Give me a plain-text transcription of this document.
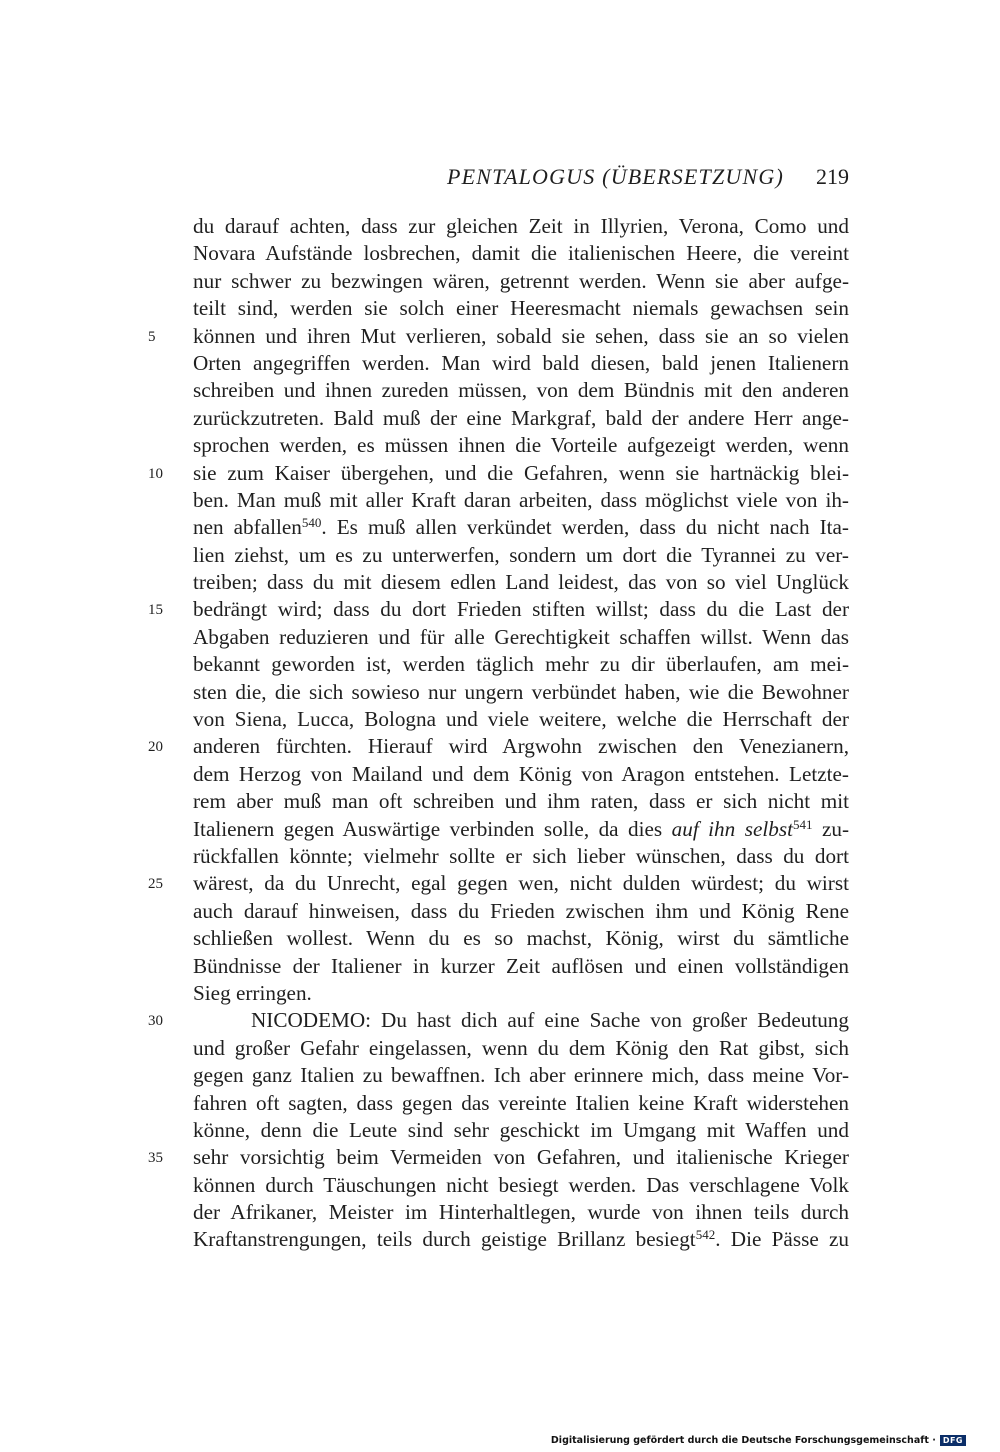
PENTALOGUS (ÜBERSETZUNG) 219
du darauf achten, dass zur gleichen Zeit in Illyrien, Verona, Como und
Novara Aufstände losbrechen, damit die italienischen Heere, die vereint
nur schwer zu bezwingen wären, getrennt werden. Wenn sie aber aufge-
teilt sind, werden sie solch einer Heeresmacht niemals gewachsen sein
5	können und ihren Mut verlieren, sobald sie sehen, dass sie an so vielen
Orten angegriffen werden. Man wird bald diesen, bald jenen Italienern
schreiben und ihnen zureden müssen, von dem Bündnis mit den anderen
zurückzutreten. Bald muß der eine Markgraf, bald der andere Herr ange-
sprochen werden, es müssen ihnen die Vorteile aufgezeigt werden, wenn
10	sie zum Kaiser übergehen, und die Gefahren, wenn sie hartnäckig blei-
ben. Man muß mit aller Kraft daran arbeiten, dass möglichst viele von ih-
nen abfallen$^{540}$. Es muß allen verkündet werden, dass du nicht nach Ita-
lien ziehst, um es zu unterwerfen, sondern um dort die Tyrannei zu ver-
treiben; dass du mit diesem edlen Land leidest, das von so viel Unglück
15	bedrängt wird; dass du dort Frieden stiften willst; dass du die Last der
Abgaben reduzieren und für alle Gerechtigkeit schaffen willst. Wenn das
bekannt geworden ist, werden täglich mehr zu dir überlaufen, am mei-
sten die, die sich sowieso nur ungern verbündet haben, wie die Bewohner
von Siena, Lucca, Bologna und viele weitere, welche die Herrschaft der
20	anderen fürchten. Hierauf wird Argwohn zwischen den Venezianern,
dem Herzog von Mailand und dem König von Aragon entstehen. Letzte-
rem aber muß man oft schreiben und ihm raten, dass er sich nicht mit
Italienern gegen Auswärtige verbinden solle, da dies auf ihn selbst$^{541}$ zu-
rückfallen könnte; vielmehr sollte er sich lieber wünschen, dass du dort
25	wärest, da du Unrecht, egal gegen wen, nicht dulden würdest; du wirst
auch darauf hinweisen, dass du Frieden zwischen ihm und König Rene
schließen wollest. Wenn du es so machst, König, wirst du sämtliche
Bündnisse der Italiener in kurzer Zeit auflösen und einen vollständigen
Sieg erringen.
30	NICODEMO: Du hast dich auf eine Sache von großer Bedeutung
und großer Gefahr eingelassen, wenn du dem König den Rat gibst, sich
gegen ganz Italien zu bewaffnen. Ich aber erinnere mich, dass meine Vor-
fahren oft sagten, dass gegen das vereinte Italien keine Kraft widerstehen
könne, denn die Leute sind sehr geschickt im Umgang mit Waffen und
35	sehr vorsichtig beim Vermeiden von Gefahren, und italienische Krieger
können durch Täuschungen nicht besiegt werden. Das verschlagene Volk
der Afrikaner, Meister im Hinterhaltlegen, wurde von ihnen teils durch
Kraftanstrengungen, teils durch geistige Brillanz besiegt$^{542}$. Die Pässe zu
Digitalisierung gefördert durch die Deutsche Forschungsgemeinschaft · DFG
